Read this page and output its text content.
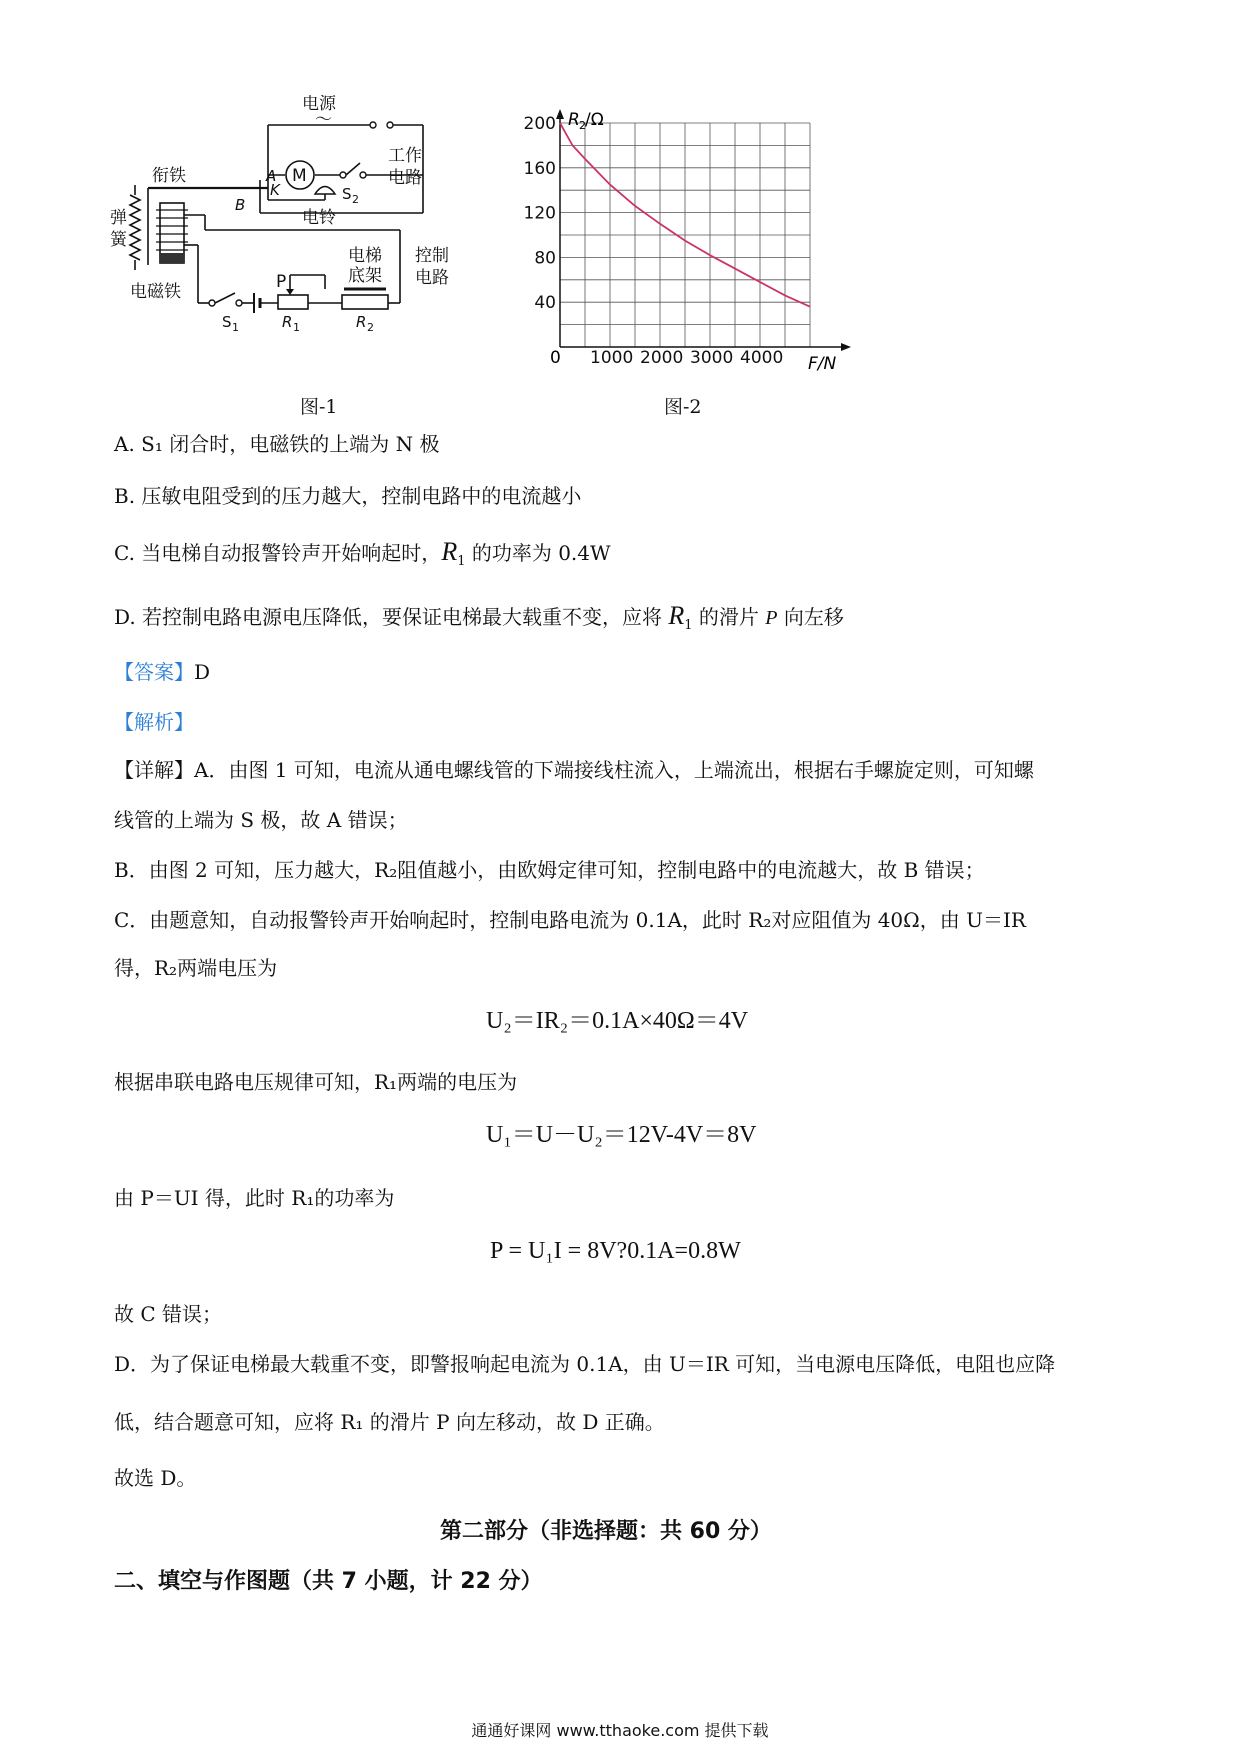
电源
～
衔铁
工作
电路
M
电铃
弹
簧
电磁铁
电梯
底架
控制
电路
P
A
K
B
R 1	R 2
S 2
S 1
图-1
1000 2000 3000 4000
40
80
120
160
200 R 2 /Ω
F/N
0
图-2
A. S₁ 闭合时，电磁铁的上端为 N 极
B. 压敏电阻受到的压力越大，控制电路中的电流越小
C. 当电梯自动报警铃声开始响起时，$R_1$ 的功率为 0.4W
D. 若控制电路电源电压降低，要保证电梯最大载重不变，应将 $R_1$ 的滑片 P 向左移
【答案】D
【解析】
【详解】A．由图 1 可知，电流从通电螺线管的下端接线柱流入，上端流出，根据右手螺旋定则，可知螺
线管的上端为 S 极，故 A 错误；
B．由图 2 可知，压力越大，R₂阻值越小，由欧姆定律可知，控制电路中的电流越大，故 B 错误；
C．由题意知，自动报警铃声开始响起时，控制电路电流为 0.1A，此时 R₂对应阻值为 40Ω，由 U＝IR
得，R₂两端电压为
U₂＝IR₂＝0.1A×40Ω＝4V
根据串联电路电压规律可知，R₁两端的电压为
U₁＝U－U₂＝12V-4V＝8V
由 P＝UI 得，此时 R₁的功率为
P = U₁I = 8V?0.1A=0.8W
故 C 错误；
D．为了保证电梯最大载重不变，即警报响起电流为 0.1A，由 U＝IR 可知，当电源电压降低，电阻也应降
低，结合题意可知，应将 R₁ 的滑片 P 向左移动，故 D 正确。
故选 D。
第二部分（非选择题：共 60 分）
二、填空与作图题（共 7 小题，计 22 分）
通通好课网 www.tthaoke.com 提供下载
